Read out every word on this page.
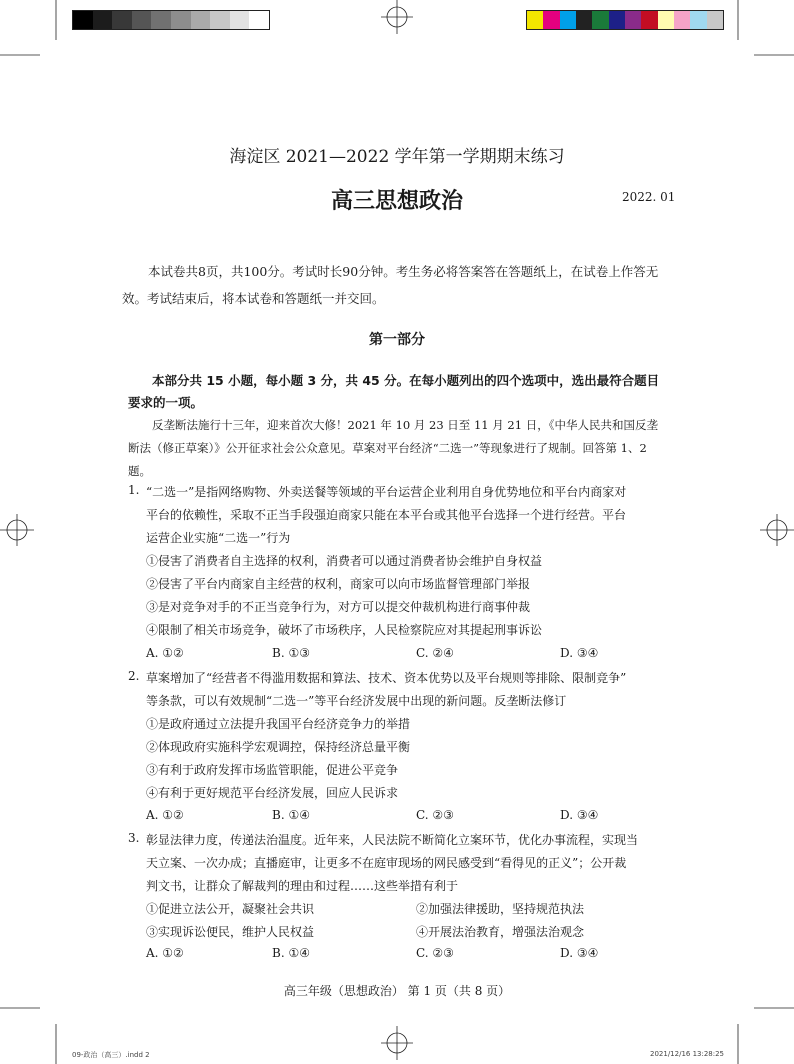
海淀区 2021—2022 学年第一学期期末练习
高三思想政治	2022. 01
本试卷共8页，共100分。考试时长90分钟。考生务必将答案答在答题纸上，在试卷上作答无效。考试结束后，将本试卷和答题纸一并交回。
第一部分
本部分共 15 小题，每小题 3 分，共 45 分。在每小题列出的四个选项中，选出最符合题目要求的一项。
反垄断法施行十三年，迎来首次大修！2021 年 10 月 23 日至 11 月 21 日，《中华人民共和国反垄断法（修正草案）》公开征求社会公众意见。草案对平台经济“二选一”等现象进行了规制。回答第 1、2 题。
1. “二选一”是指网络购物、外卖送餐等领域的平台运营企业利用自身优势地位和平台内商家对
平台的依赖性，采取不正当手段强迫商家只能在本平台或其他平台选择一个进行经营。平台
运营企业实施“二选一”行为
①侵害了消费者自主选择的权利，消费者可以通过消费者协会维护自身权益
②侵害了平台内商家自主经营的权利，商家可以向市场监督管理部门举报
③是对竞争对手的不正当竞争行为，对方可以提交仲裁机构进行商事仲裁
④限制了相关市场竞争，破坏了市场秩序，人民检察院应对其提起刑事诉讼
A. ①②	B. ①③	C. ②④	D. ③④
2. 草案增加了“经营者不得滥用数据和算法、技术、资本优势以及平台规则等排除、限制竞争”
等条款，可以有效规制“二选一”等平台经济发展中出现的新问题。反垄断法修订
①是政府通过立法提升我国平台经济竞争力的举措
②体现政府实施科学宏观调控，保持经济总量平衡
③有利于政府发挥市场监管职能，促进公平竞争
④有利于更好规范平台经济发展，回应人民诉求
A. ①②	B. ①④	C. ②③	D. ③④
3. 彰显法律力度，传递法治温度。近年来，人民法院不断简化立案环节，优化办事流程，实现当
天立案、一次办成；直播庭审，让更多不在庭审现场的网民感受到“看得见的正义”；公开裁
判文书，让群众了解裁判的理由和过程……这些举措有利于
①促进立法公开，凝聚社会共识	②加强法律援助，坚持规范执法
③实现诉讼便民，维护人民权益	④开展法治教育，增强法治观念
A. ①②	B. ①④	C. ②③	D. ③④
高三年级（思想政治） 第 1 页（共 8 页）
09-政治（高三）.indd 2	2021/12/16 13:28:25
